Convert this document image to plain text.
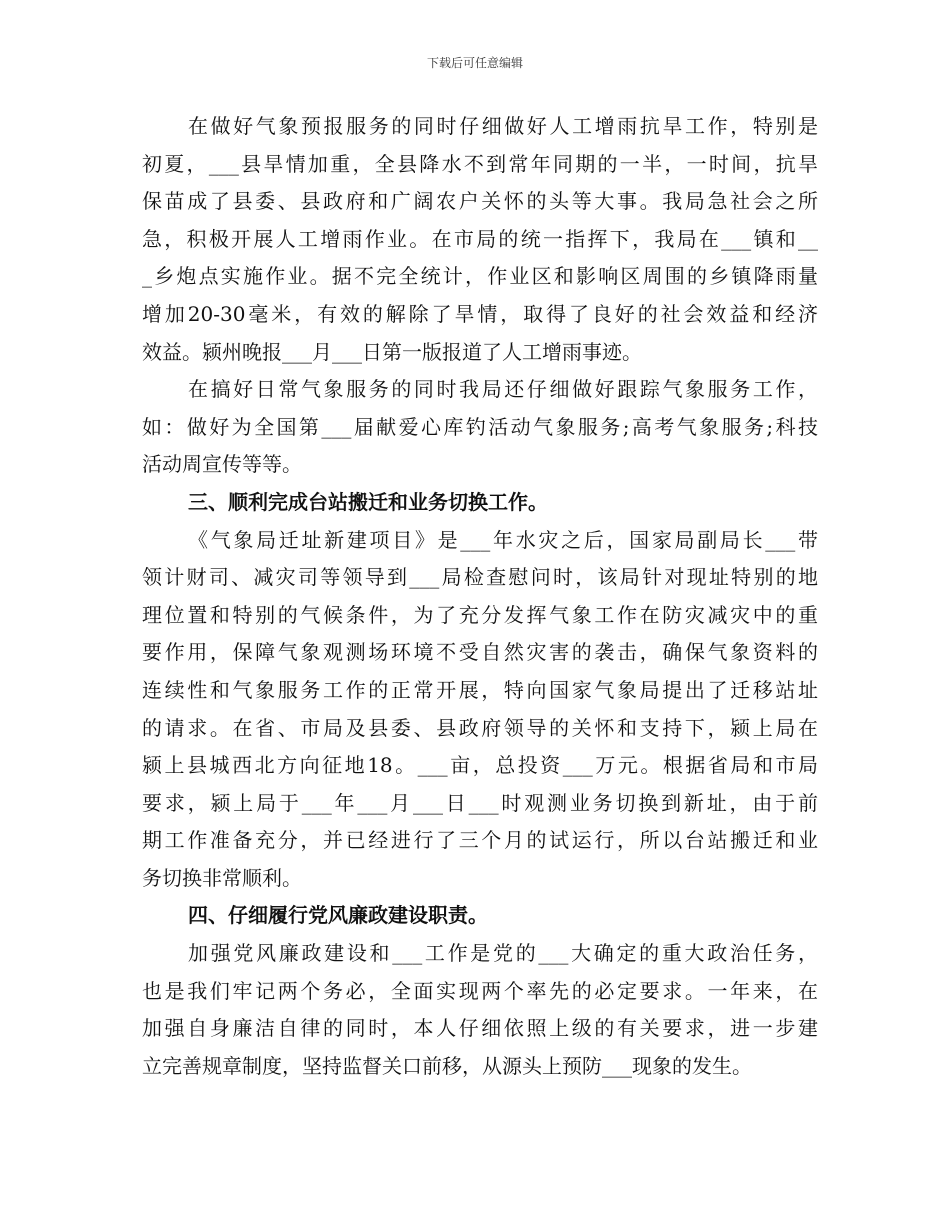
下载后可任意编辑
在做好气象预报服务的同时仔细做好人工增雨抗旱工作，特别是
初夏，___县旱情加重，全县降水不到常年同期的一半，一时间，抗旱
保苗成了县委、县政府和广阔农户关怀的头等大事。我局急社会之所
急，积极开展人工增雨作业。在市局的统一指挥下，我局在___镇和__
_乡炮点实施作业。据不完全统计，作业区和影响区周围的乡镇降雨量
增加20-30毫米，有效的解除了旱情，取得了良好的社会效益和经济
效益。颍州晚报___月___日第一版报道了人工增雨事迹。
在搞好日常气象服务的同时我局还仔细做好跟踪气象服务工作，
如：做好为全国第___届献爱心库钓活动气象服务;高考气象服务;科技
活动周宣传等等。
三、顺利完成台站搬迁和业务切换工作。
《气象局迁址新建项目》是___年水灾之后，国家局副局长___带
领计财司、减灾司等领导到___局检查慰问时，该局针对现址特别的地
理位置和特别的气候条件，为了充分发挥气象工作在防灾减灾中的重
要作用，保障气象观测场环境不受自然灾害的袭击，确保气象资料的
连续性和气象服务工作的正常开展，特向国家气象局提出了迁移站址
的请求。在省、市局及县委、县政府领导的关怀和支持下，颍上局在
颍上县城西北方向征地18。___亩，总投资___万元。根据省局和市局
要求，颍上局于___年___月___日___时观测业务切换到新址，由于前
期工作准备充分，并已经进行了三个月的试运行，所以台站搬迁和业
务切换非常顺利。
四、仔细履行党风廉政建设职责。
加强党风廉政建设和___工作是党的___大确定的重大政治任务，
也是我们牢记两个务必，全面实现两个率先的必定要求。一年来，在
加强自身廉洁自律的同时，本人仔细依照上级的有关要求，进一步建
立完善规章制度，坚持监督关口前移，从源头上预防___现象的发生。
